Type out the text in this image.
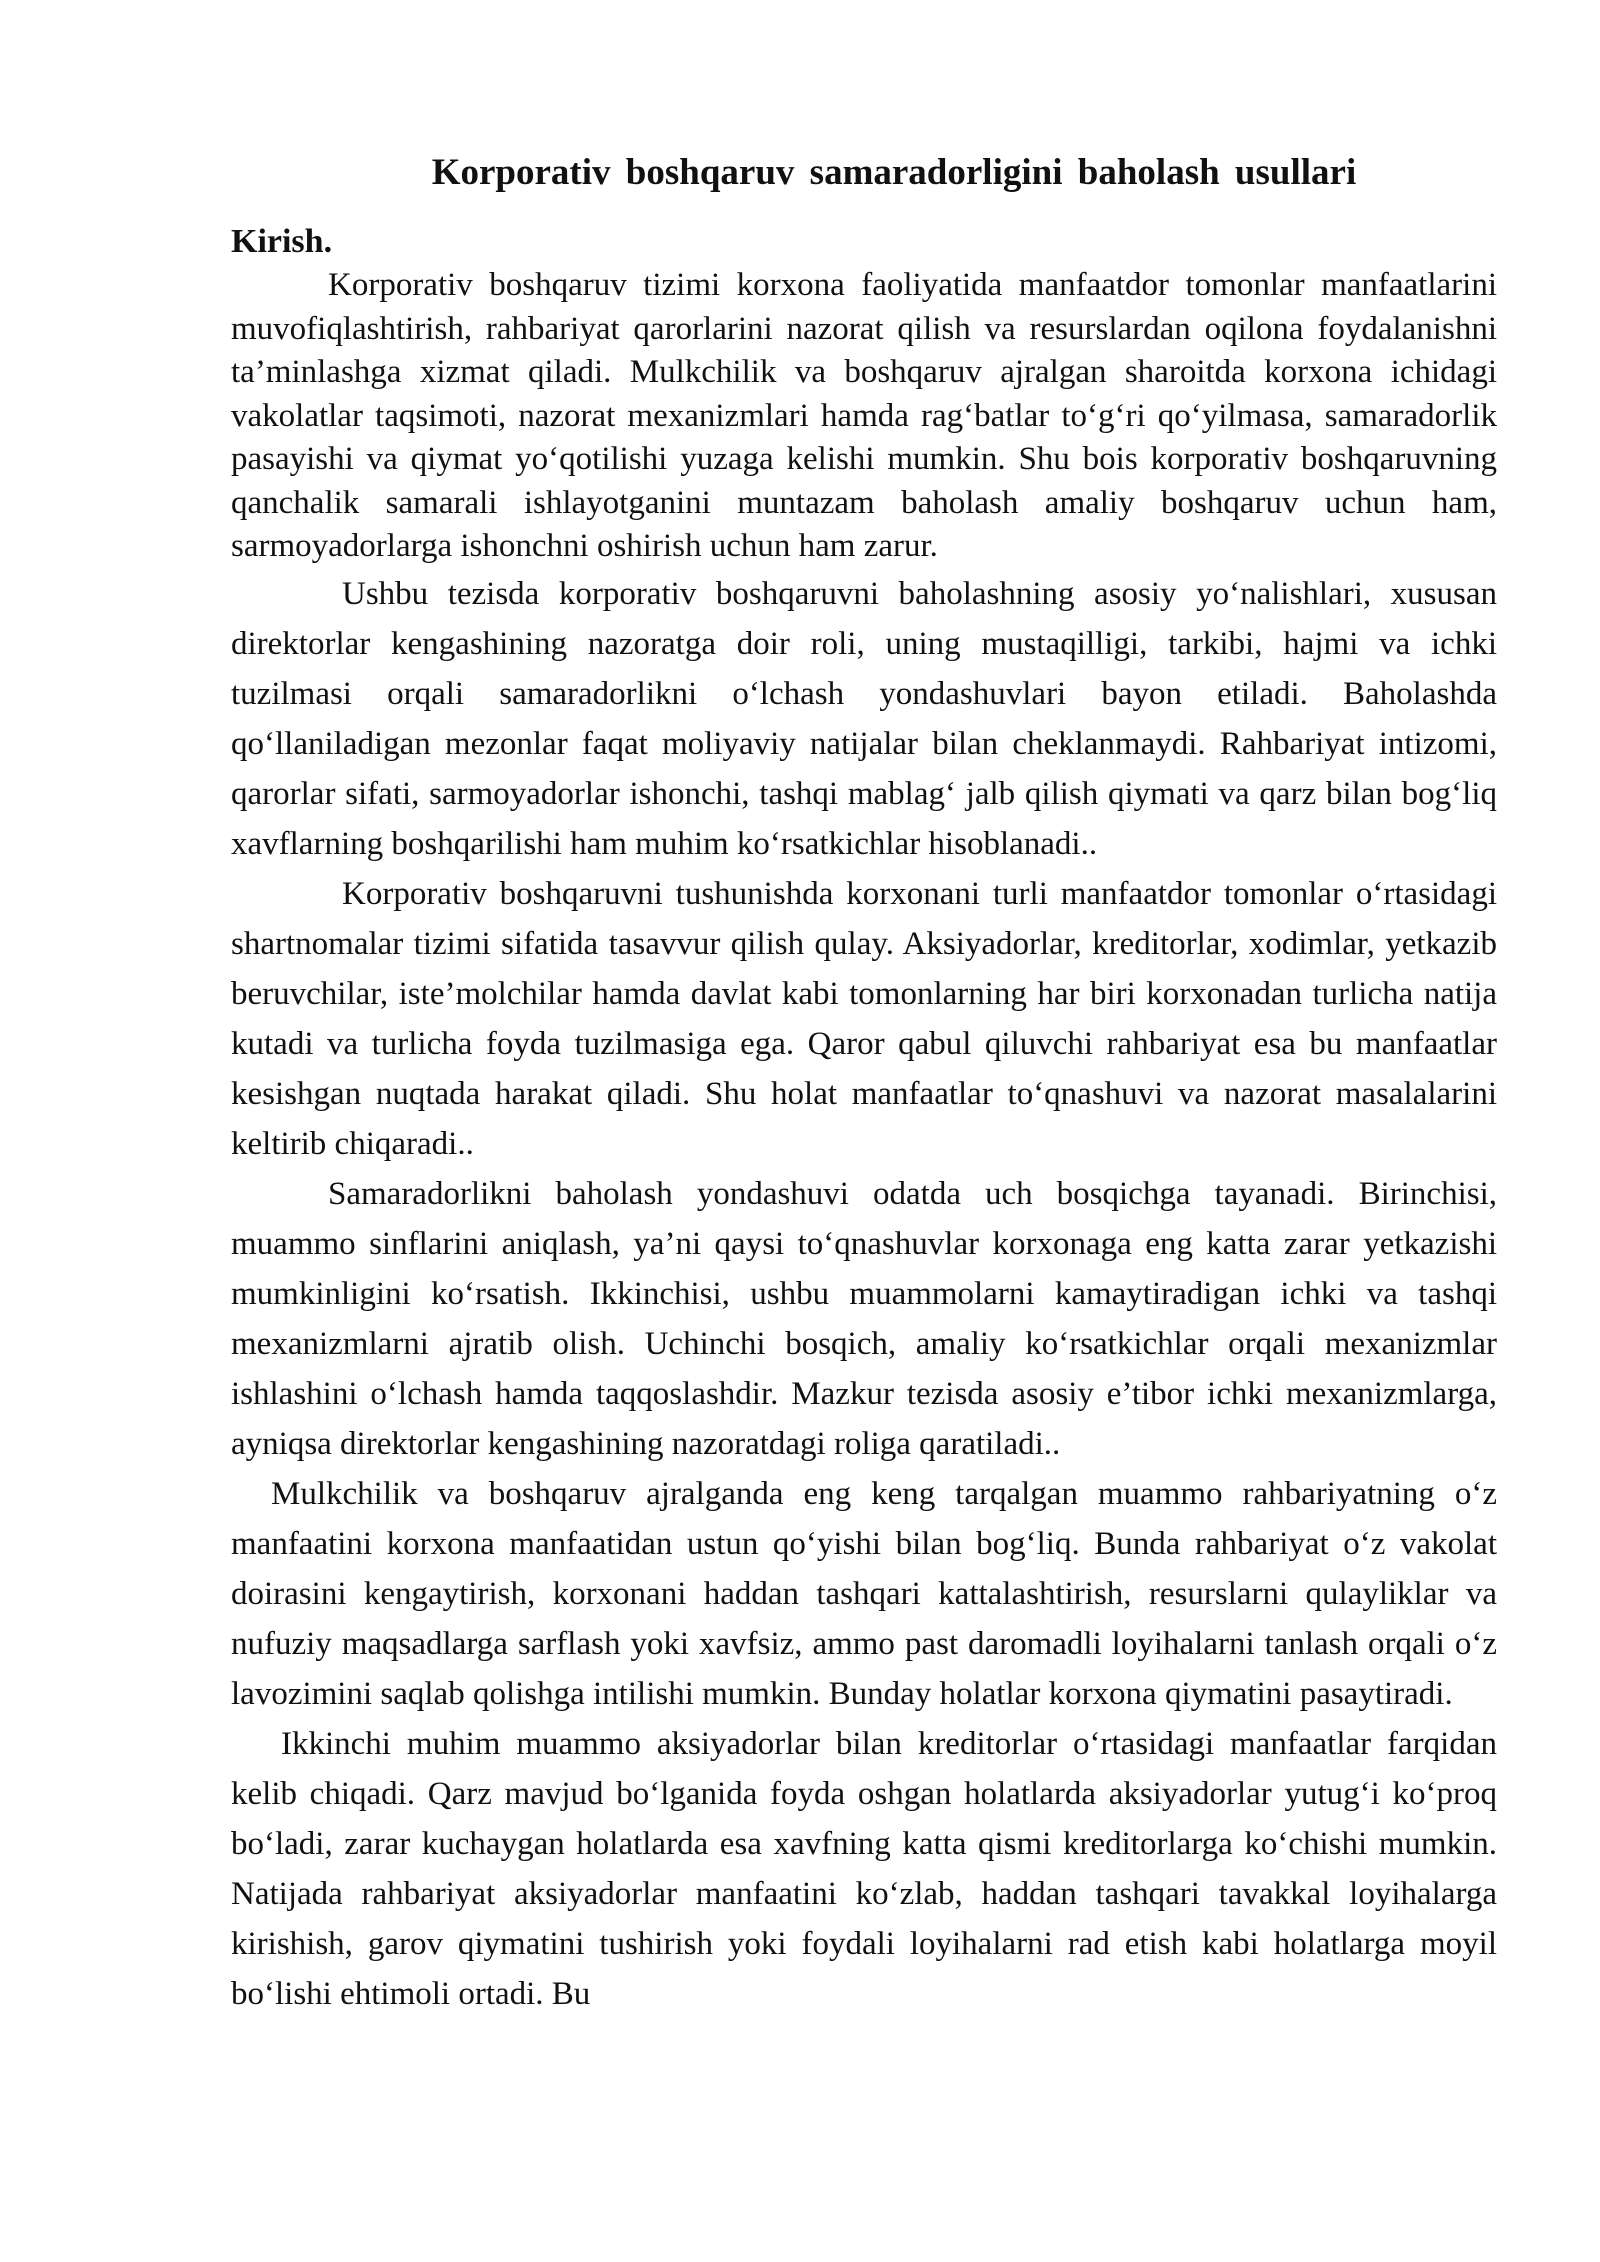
Korporativ boshqaruv samaradorligini baholash usullari

Kirish.

Korporativ boshqaruv tizimi korxona faoliyatida manfaatdor tomonlar manfaatlarini muvofiqlashtirish, rahbariyat qarorlarini nazorat qilish va resurslardan oqilona foydalanishni ta’minlashga xizmat qiladi. Mulkchilik va boshqaruv ajralgan sharoitda korxona ichidagi vakolatlar taqsimoti, nazorat mexanizmlari hamda rag‘batlar to‘g‘ri qo‘yilmasa, samaradorlik pasayishi va qiymat yo‘qotilishi yuzaga kelishi mumkin. Shu bois korporativ boshqaruvning qanchalik samarali ishlayotganini muntazam baholash amaliy boshqaruv uchun ham, sarmoyadorlarga ishonchni oshirish uchun ham zarur.

Ushbu tezisda korporativ boshqaruvni baholashning asosiy yo‘nalishlari, xususan direktorlar kengashining nazoratga doir roli, uning mustaqilligi, tarkibi, hajmi va ichki tuzilmasi orqali samaradorlikni o‘lchash yondashuvlari bayon etiladi. Baholashda qo‘llaniladigan mezonlar faqat moliyaviy natijalar bilan cheklanmaydi. Rahbariyat intizomi, qarorlar sifati, sarmoyadorlar ishonchi, tashqi mablag‘ jalb qilish qiymati va qarz bilan bog‘liq xavflarning boshqarilishi ham muhim ko‘rsatkichlar hisoblanadi..

Korporativ boshqaruvni tushunishda korxonani turli manfaatdor tomonlar o‘rtasidagi shartnomalar tizimi sifatida tasavvur qilish qulay. Aksiyadorlar, kreditorlar, xodimlar, yetkazib beruvchilar, iste’molchilar hamda davlat kabi tomonlarning har biri korxonadan turlicha natija kutadi va turlicha foyda tuzilmasiga ega. Qaror qabul qiluvchi rahbariyat esa bu manfaatlar kesishgan nuqtada harakat qiladi. Shu holat manfaatlar to‘qnashuvi va nazorat masalalarini keltirib chiqaradi..

Samaradorlikni baholash yondashuvi odatda uch bosqichga tayanadi. Birinchisi, muammo sinflarini aniqlash, ya’ni qaysi to‘qnashuvlar korxonaga eng katta zarar yetkazishi mumkinligini ko‘rsatish. Ikkinchisi, ushbu muammolarni kamaytiradigan ichki va tashqi mexanizmlarni ajratib olish. Uchinchi bosqich, amaliy ko‘rsatkichlar orqali mexanizmlar ishlashini o‘lchash hamda taqqoslashdir. Mazkur tezisda asosiy e’tibor ichki mexanizmlarga, ayniqsa direktorlar kengashining nazoratdagi roliga qaratiladi..

Mulkchilik va boshqaruv ajralganda eng keng tarqalgan muammo rahbariyatning o‘z manfaatini korxona manfaatidan ustun qo‘yishi bilan bog‘liq. Bunda rahbariyat o‘z vakolat doirasini kengaytirish, korxonani haddan tashqari kattalashtirish, resurslarni qulayliklar va nufuziy maqsadlarga sarflash yoki xavfsiz, ammo past daromadli loyihalarni tanlash orqali o‘z lavozimini saqlab qolishga intilishi mumkin. Bunday holatlar korxona qiymatini pasaytiradi.

Ikkinchi muhim muammo aksiyadorlar bilan kreditorlar o‘rtasidagi manfaatlar farqidan kelib chiqadi. Qarz mavjud bo‘lganida foyda oshgan holatlarda aksiyadorlar yutug‘i ko‘proq bo‘ladi, zarar kuchaygan holatlarda esa xavfning katta qismi kreditorlarga ko‘chishi mumkin. Natijada rahbariyat aksiyadorlar manfaatini ko‘zlab, haddan tashqari tavakkal loyihalarga kirishish, garov qiymatini tushirish yoki foydali loyihalarni rad etish kabi holatlarga moyil bo‘lishi ehtimoli ortadi. Bu
